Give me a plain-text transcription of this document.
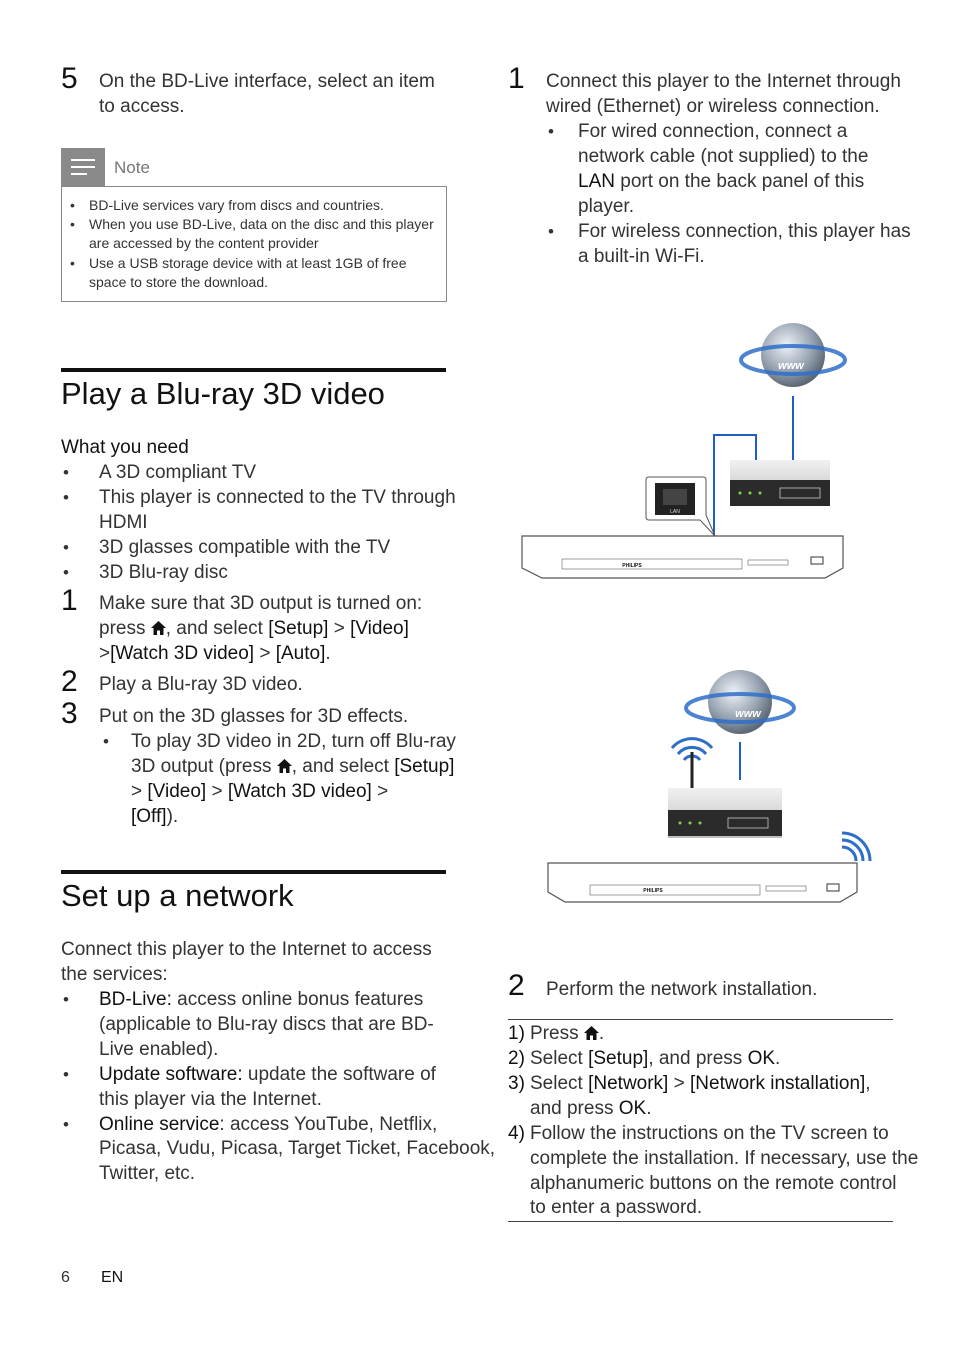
5 On the BD-Live interface, select an item
to access.
Note
• BD-Live services vary from discs and countries.
• When you use BD-Live, data on the disc and this player
are accessed by the content provider
• Use a USB storage device with at least 1GB of free
space to store the download.
Play a Blu-ray 3D video
What you need
• A 3D compliant TV
• This player is connected to the TV through
HDMI
• 3D glasses compatible with the TV
• 3D Blu-ray disc
1 Make sure that 3D output is turned on:
press , and select [Setup] > [Video]
>[Watch 3D video] > [Auto].
2 Play a Blu-ray 3D video.
3 Put on the 3D glasses for 3D effects.
• To play 3D video in 2D, turn off Blu-ray
3D output (press , and select [Setup]
> [Video] > [Watch 3D video] >
[Off]).
Set up a network
Connect this player to the Internet to access
the services:
• BD-Live: access online bonus features
(applicable to Blu-ray discs that are BD-
Live enabled).
• Update software: update the software of
this player via the Internet.
• Online service: access YouTube, Netflix,
Picasa, Vudu, Picasa, Target Ticket, Facebook,
Twitter, etc.
1 Connect this player to the Internet through
wired (Ethernet) or wireless connection.
• For wired connection, connect a
network cable (not supplied) to the
LAN port on the back panel of this
player.
• For wireless connection, this player has
a built-in Wi-Fi.
www
LAN
PHILIPS
www
PHILIPS
2 Perform the network installation.
1) Press .
2) Select [Setup], and press OK.
3) Select [Network] > [Network installation],
and press OK.
4) Follow the instructions on the TV screen to
complete the installation. If necessary, use the
alphanumeric buttons on the remote control
to enter a password.
6 EN
